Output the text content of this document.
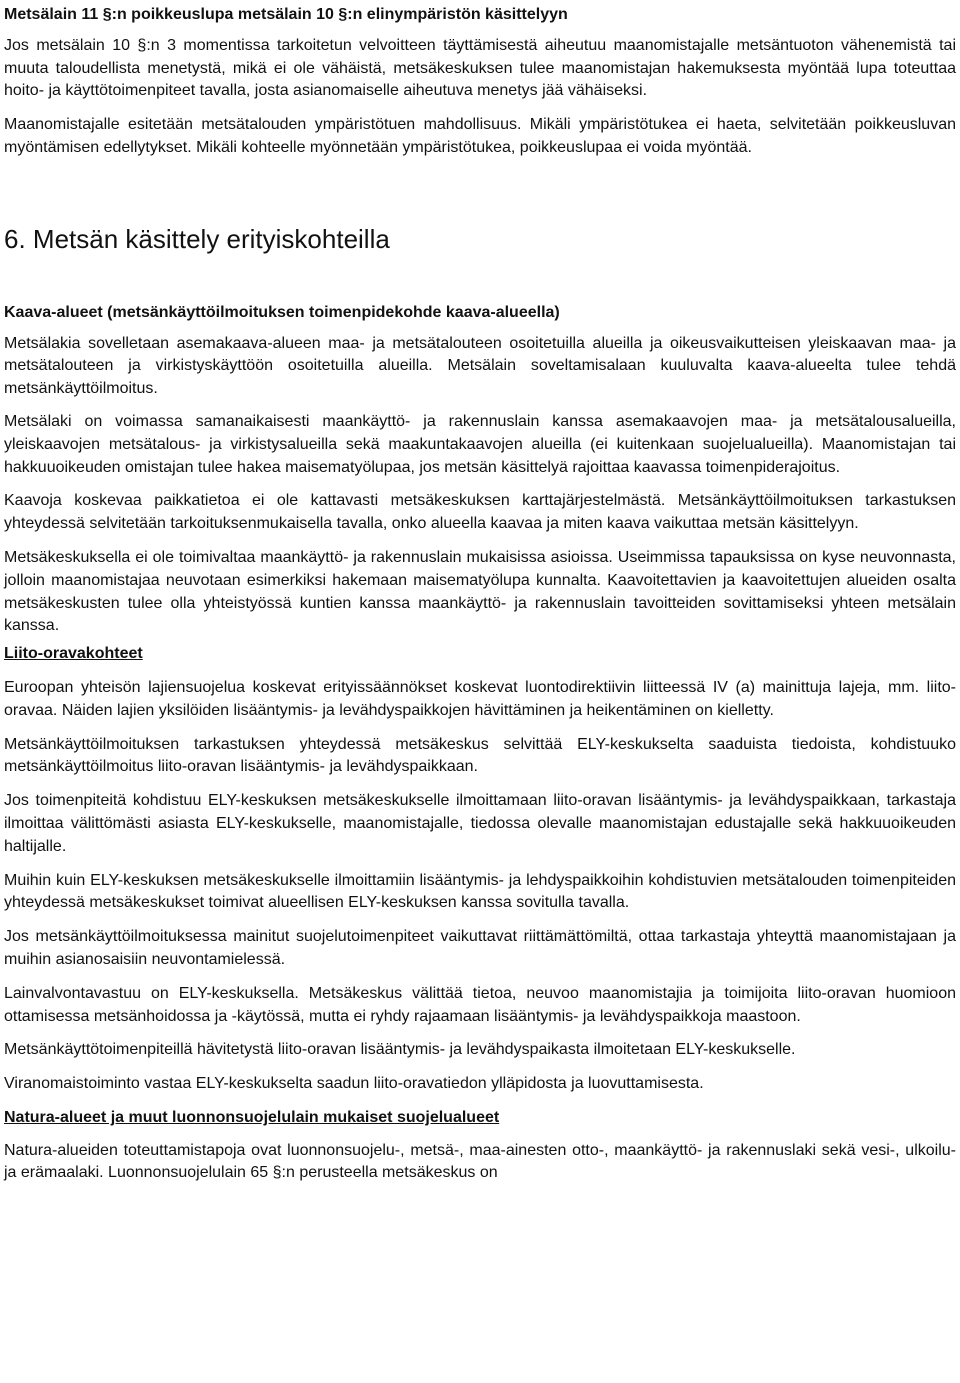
Metsälain 11 §:n poikkeuslupa metsälain 10 §:n elinympäristön käsittelyyn

Jos metsälain 10 §:n 3 momentissa tarkoitetun velvoitteen täyttämisestä aiheutuu maanomistajalle metsäntuoton vähenemistä tai muuta taloudellista menetystä, mikä ei ole vähäistä, metsäkeskuksen tulee maanomistajan hakemuksesta myöntää lupa toteuttaa hoito- ja käyttötoimenpiteet tavalla, josta asianomaiselle aiheutuva menetys jää vähäiseksi.

Maanomistajalle esitetään metsätalouden ympäristötuen mahdollisuus. Mikäli ympäristötukea ei haeta, selvitetään poikkeusluvan myöntämisen edellytykset. Mikäli kohteelle myönnetään ympäristötukea, poikkeuslupaa ei voida myöntää.

6. Metsän käsittely erityiskohteilla
Kaava-alueet (metsänkäyttöilmoituksen toimenpidekohde kaava-alueella)

Metsälakia sovelletaan asemakaava-alueen maa- ja metsätalouteen osoitetuilla alueilla ja oikeusvaikutteisen yleiskaavan maa- ja metsätalouteen ja virkistyskäyttöön osoitetuilla alueilla. Metsälain soveltamisalaan kuuluvalta kaava-alueelta tulee tehdä metsänkäyttöilmoitus.

Metsälaki on voimassa samanaikaisesti maankäyttö- ja rakennuslain kanssa asemakaavojen maa- ja metsätalousalueilla, yleiskaavojen metsätalous- ja virkistysalueilla sekä maakuntakaavojen alueilla (ei kuitenkaan suojelualueilla). Maanomistajan tai hakkuuoikeuden omistajan tulee hakea maisematyölupaa, jos metsän käsittelyä rajoittaa kaavassa toimenpiderajoitus.

Kaavoja koskevaa paikkatietoa ei ole kattavasti metsäkeskuksen karttajärjestelmästä. Metsänkäyttöilmoituksen tarkastuksen yhteydessä selvitetään tarkoituksenmukaisella tavalla, onko alueella kaavaa ja miten kaava vaikuttaa metsän käsittelyyn.

Metsäkeskuksella ei ole toimivaltaa maankäyttö- ja rakennuslain mukaisissa asioissa. Useimmissa tapauksissa on kyse neuvonnasta, jolloin maanomistajaa neuvotaan esimerkiksi hakemaan maisematyölupa kunnalta. Kaavoitettavien ja kaavoitettujen alueiden osalta metsäkeskusten tulee olla yhteistyössä kuntien kanssa maankäyttö- ja rakennuslain tavoitteiden sovittamiseksi yhteen metsälain kanssa.

Liito-oravakohteet

Euroopan yhteisön lajiensuojelua koskevat erityissäännökset koskevat luontodirektiivin liitteessä IV (a) mainittuja lajeja, mm. liito-oravaa. Näiden lajien yksilöiden lisääntymis- ja levähdyspaikkojen hävittäminen ja heikentäminen on kielletty.

Metsänkäyttöilmoituksen tarkastuksen yhteydessä metsäkeskus selvittää ELY-keskukselta saaduista tiedoista, kohdistuuko metsänkäyttöilmoitus liito-oravan lisääntymis- ja levähdyspaikkaan.

Jos toimenpiteitä kohdistuu ELY-keskuksen metsäkeskukselle ilmoittamaan liito-oravan lisääntymis- ja levähdyspaikkaan, tarkastaja ilmoittaa välittömästi asiasta ELY-keskukselle, maanomistajalle, tiedossa olevalle maanomistajan edustajalle sekä hakkuuoikeuden haltijalle.

Muihin kuin ELY-keskuksen metsäkeskukselle ilmoittamiin lisääntymis- ja lehdyspaikkoihin kohdistuvien metsätalouden toimenpiteiden yhteydessä metsäkeskukset toimivat alueellisen ELY-keskuksen kanssa sovitulla tavalla.

Jos metsänkäyttöilmoituksessa mainitut suojelutoimenpiteet vaikuttavat riittämättömiltä, ottaa tarkastaja yhteyttä maanomistajaan ja muihin asianosaisiin neuvontamielessä.

Lainvalvontavastuu on ELY-keskuksella. Metsäkeskus välittää tietoa, neuvoo maanomistajia ja toimijoita liito-oravan huomioon ottamisessa metsänhoidossa ja -käytössä, mutta ei ryhdy rajaamaan lisääntymis- ja levähdyspaikkoja maastoon.

Metsänkäyttötoimenpiteillä hävitetystä liito-oravan lisääntymis- ja levähdyspaikasta ilmoitetaan ELY-keskukselle.

Viranomaistoiminto vastaa ELY-keskukselta saadun liito-oravatiedon ylläpidosta ja luovuttamisesta.

Natura-alueet ja muut luonnonsuojelulain mukaiset suojelualueet

Natura-alueiden toteuttamistapoja ovat luonnonsuojelu-, metsä-, maa-ainesten otto-, maankäyttö- ja rakennuslaki sekä vesi-, ulkoilu- ja erämaalaki. Luonnonsuojelulain 65 §:n perusteella metsäkeskus on
